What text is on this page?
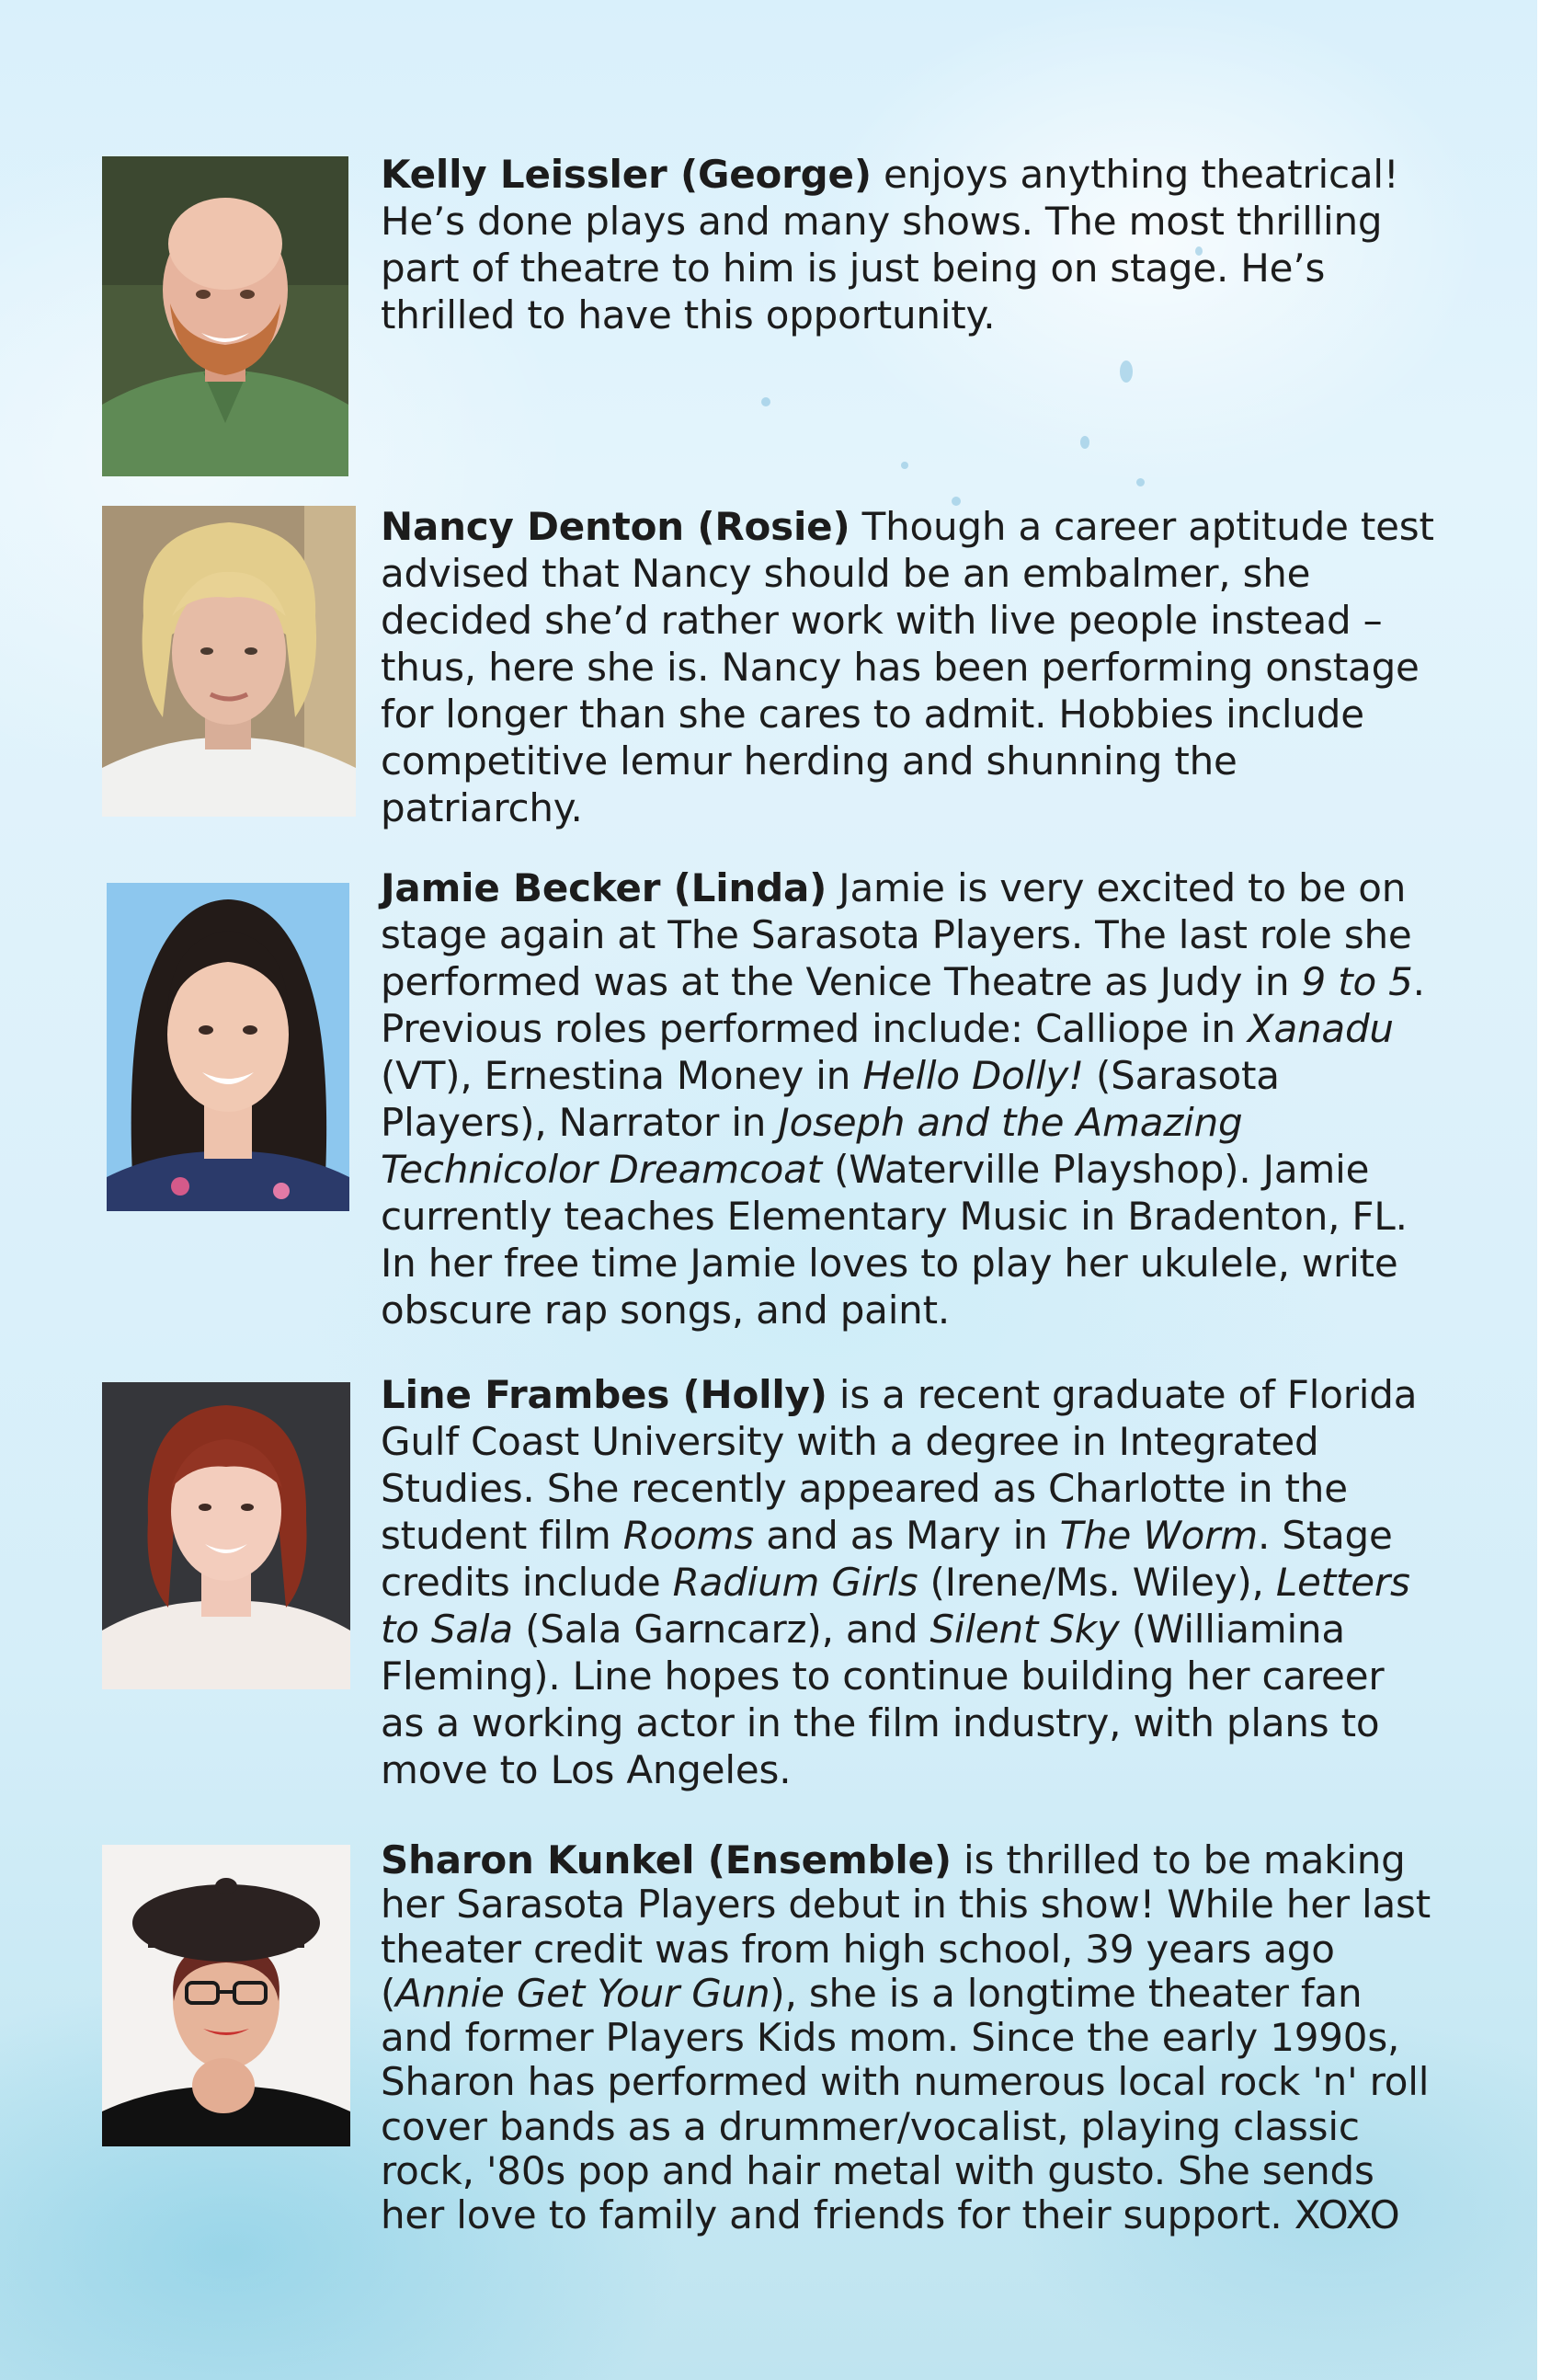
Kelly Leissler (George) enjoys anything theatrical! He’s done plays and many shows. The most thrilling part of theatre to him is just being on stage. He’s thrilled to have this opportunity.

Nancy Denton (Rosie) Though a career aptitude test advised that Nancy should be an embalmer, she decided she’d rather work with live people instead – thus, here she is. Nancy has been performing onstage for longer than she cares to admit. Hobbies include competitive lemur herding and shunning the patriarchy.

Jamie Becker (Linda) Jamie is very excited to be on stage again at The Sarasota Players. The last role she performed was at the Venice Theatre as Judy in 9 to 5. Previous roles performed include: Calliope in Xanadu (VT), Ernestina Money in Hello Dolly! (Sarasota Players), Narrator in Joseph and the Amazing Technicolor Dreamcoat (Waterville Playshop). Jamie currently teaches Elementary Music in Bradenton, FL. In her free time Jamie loves to play her ukulele, write obscure rap songs, and paint.

Line Frambes (Holly) is a recent graduate of Florida Gulf Coast University with a degree in Integrated Studies. She recently appeared as Charlotte in the student film Rooms and as Mary in The Worm. Stage credits include Radium Girls (Irene/Ms. Wiley), Letters to Sala (Sala Garncarz), and Silent Sky (Williamina Fleming). Line hopes to continue building her career as a working actor in the film industry, with plans to move to Los Angeles.

Sharon Kunkel (Ensemble) is thrilled to be making her Sarasota Players debut in this show! While her last theater credit was from high school, 39 years ago (Annie Get Your Gun), she is a longtime theater fan and former Players Kids mom. Since the early 1990s, Sharon has performed with numerous local rock 'n' roll cover bands as a drummer/vocalist, playing classic rock, '80s pop and hair metal with gusto. She sends her love to family and friends for their support. XOXO
